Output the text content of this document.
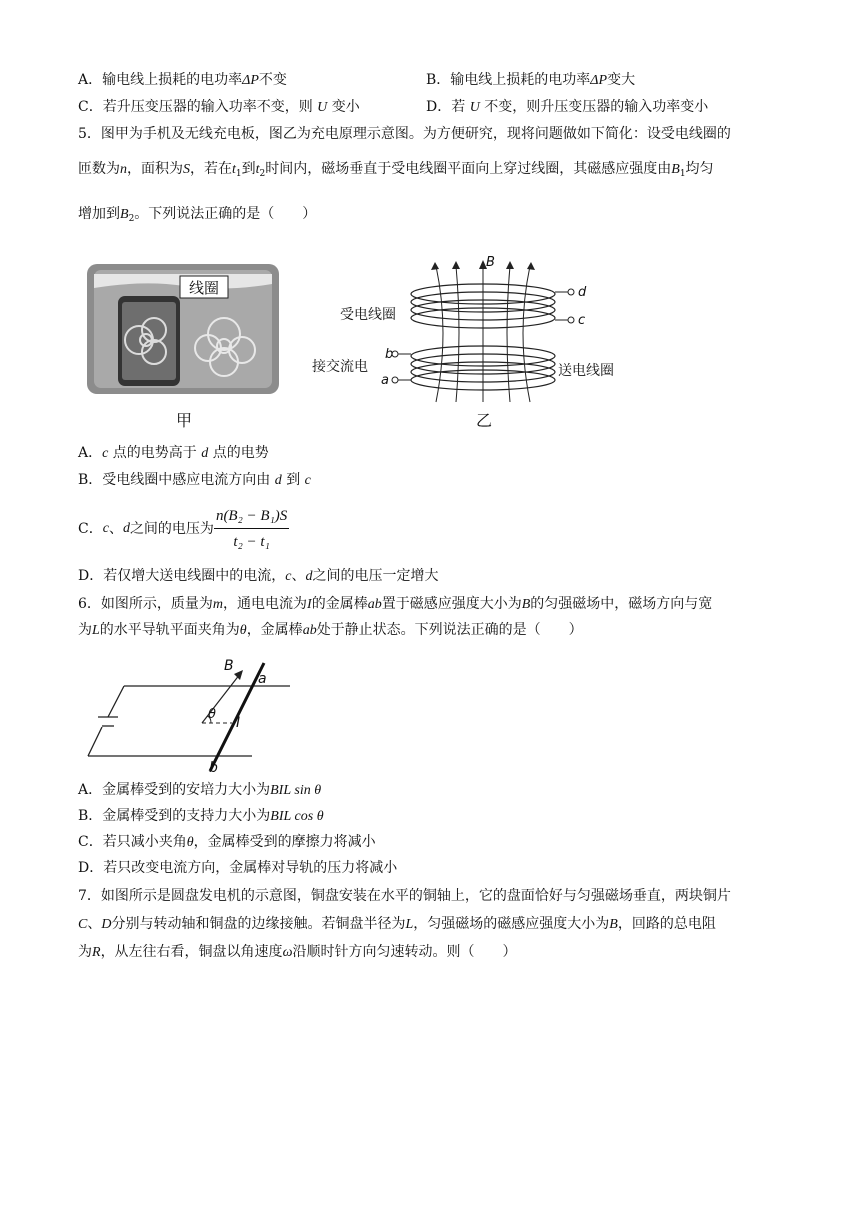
A．输电线上损耗的电功率ΔP不变	B．输电线上损耗的电功率ΔP变大
C．若升压变压器的输入功率不变，则 U 变小	D．若 U 不变，则升压变压器的输入功率变小
5．图甲为手机及无线充电板，图乙为充电原理示意图。为方便研究，现将问题做如下简化：设受电线圈的
匝数为n，面积为S，若在$t_1$到$t_2$时间内，磁场垂直于受电线圈平面向上穿过线圈，其磁感应强度由$B_1$均匀
增加到$B_2$。下列说法正确的是（　　）
线圈
甲
B
d
c
b
a
受电线圈
接交流电	送电线圈
乙
A．c 点的电势高于 d 点的电势
B．受电线圈中感应电流方向由 d 到 c
C． c 、 d 之间的电压为 $\frac{\text{n(B₂ − B₁)S}}{\text{t₂ − t₁}}$
D．若仅增大送电线圈中的电流，c、d之间的电压一定增大
6．如图所示，质量为m，通电电流为I的金属棒ab置于磁感应强度大小为B的匀强磁场中，磁场方向与宽
为L的水平导轨平面夹角为θ，金属棒ab处于静止状态。下列说法正确的是（　　）
B
a
b
θ
I
A．金属棒受到的安培力大小为BIL sin θ
B．金属棒受到的支持力大小为BIL cos θ
C．若只减小夹角θ，金属棒受到的摩擦力将减小
D．若只改变电流方向，金属棒对导轨的压力将减小
7．如图所示是圆盘发电机的示意图，铜盘安装在水平的铜轴上，它的盘面恰好与匀强磁场垂直，两块铜片
C、D分别与转动轴和铜盘的边缘接触。若铜盘半径为L，匀强磁场的磁感应强度大小为B，回路的总电阻
为R，从左往右看，铜盘以角速度ω沿顺时针方向匀速转动。则（　　）
